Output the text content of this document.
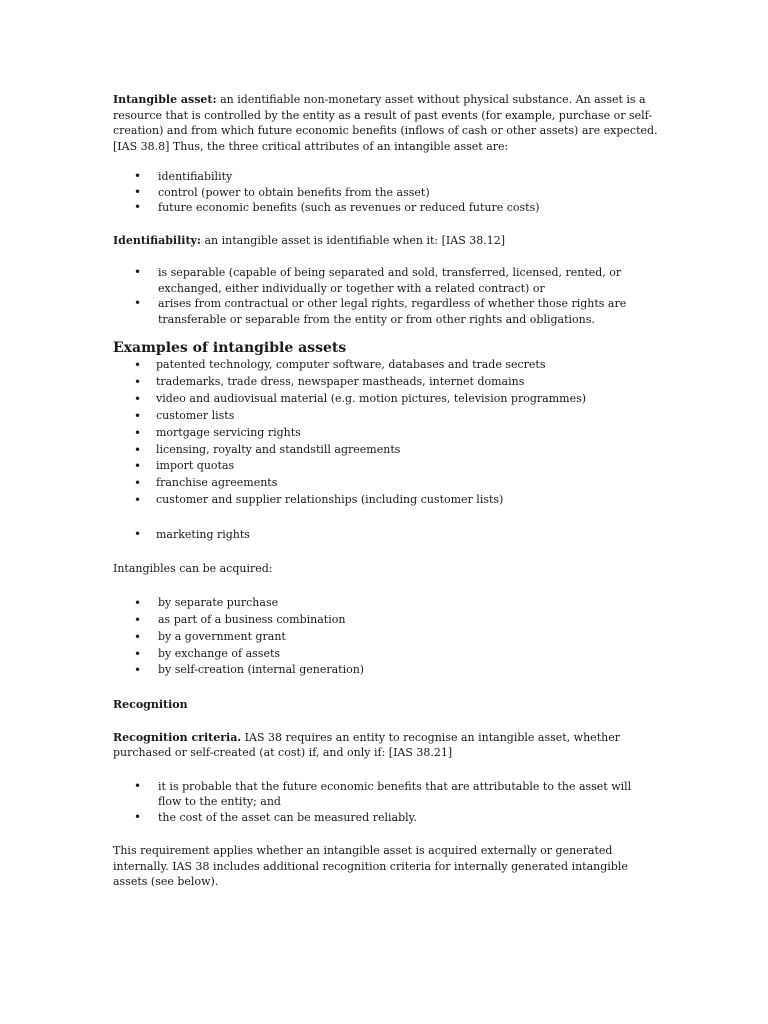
Intangible asset: an identifiable non-monetary asset without physical substance. An asset is a resource that is controlled by the entity as a result of past events (for example, purchase or self-creation) and from which future economic benefits (inflows of cash or other assets) are expected. [IAS 38.8] Thus, the three critical attributes of an intangible asset are:

• identifiability
• control (power to obtain benefits from the asset)
• future economic benefits (such as revenues or reduced future costs)

Identifiability: an intangible asset is identifiable when it: [IAS 38.12]

• is separable (capable of being separated and sold, transferred, licensed, rented, or exchanged, either individually or together with a related contract) or
• arises from contractual or other legal rights, regardless of whether those rights are transferable or separable from the entity or from other rights and obligations.
Examples of intangible assets
• patented technology, computer software, databases and trade secrets
• trademarks, trade dress, newspaper mastheads, internet domains
• video and audiovisual material (e.g. motion pictures, television programmes)
• customer lists
• mortgage servicing rights
• licensing, royalty and standstill agreements
• import quotas
• franchise agreements
• customer and supplier relationships (including customer lists)
• marketing rights

Intangibles can be acquired:

• by separate purchase
• as part of a business combination
• by a government grant
• by exchange of assets
• by self-creation (internal generation)

Recognition

Recognition criteria. IAS 38 requires an entity to recognise an intangible asset, whether purchased or self-created (at cost) if, and only if: [IAS 38.21]

• it is probable that the future economic benefits that are attributable to the asset will flow to the entity; and
• the cost of the asset can be measured reliably.

This requirement applies whether an intangible asset is acquired externally or generated internally. IAS 38 includes additional recognition criteria for internally generated intangible assets (see below).
